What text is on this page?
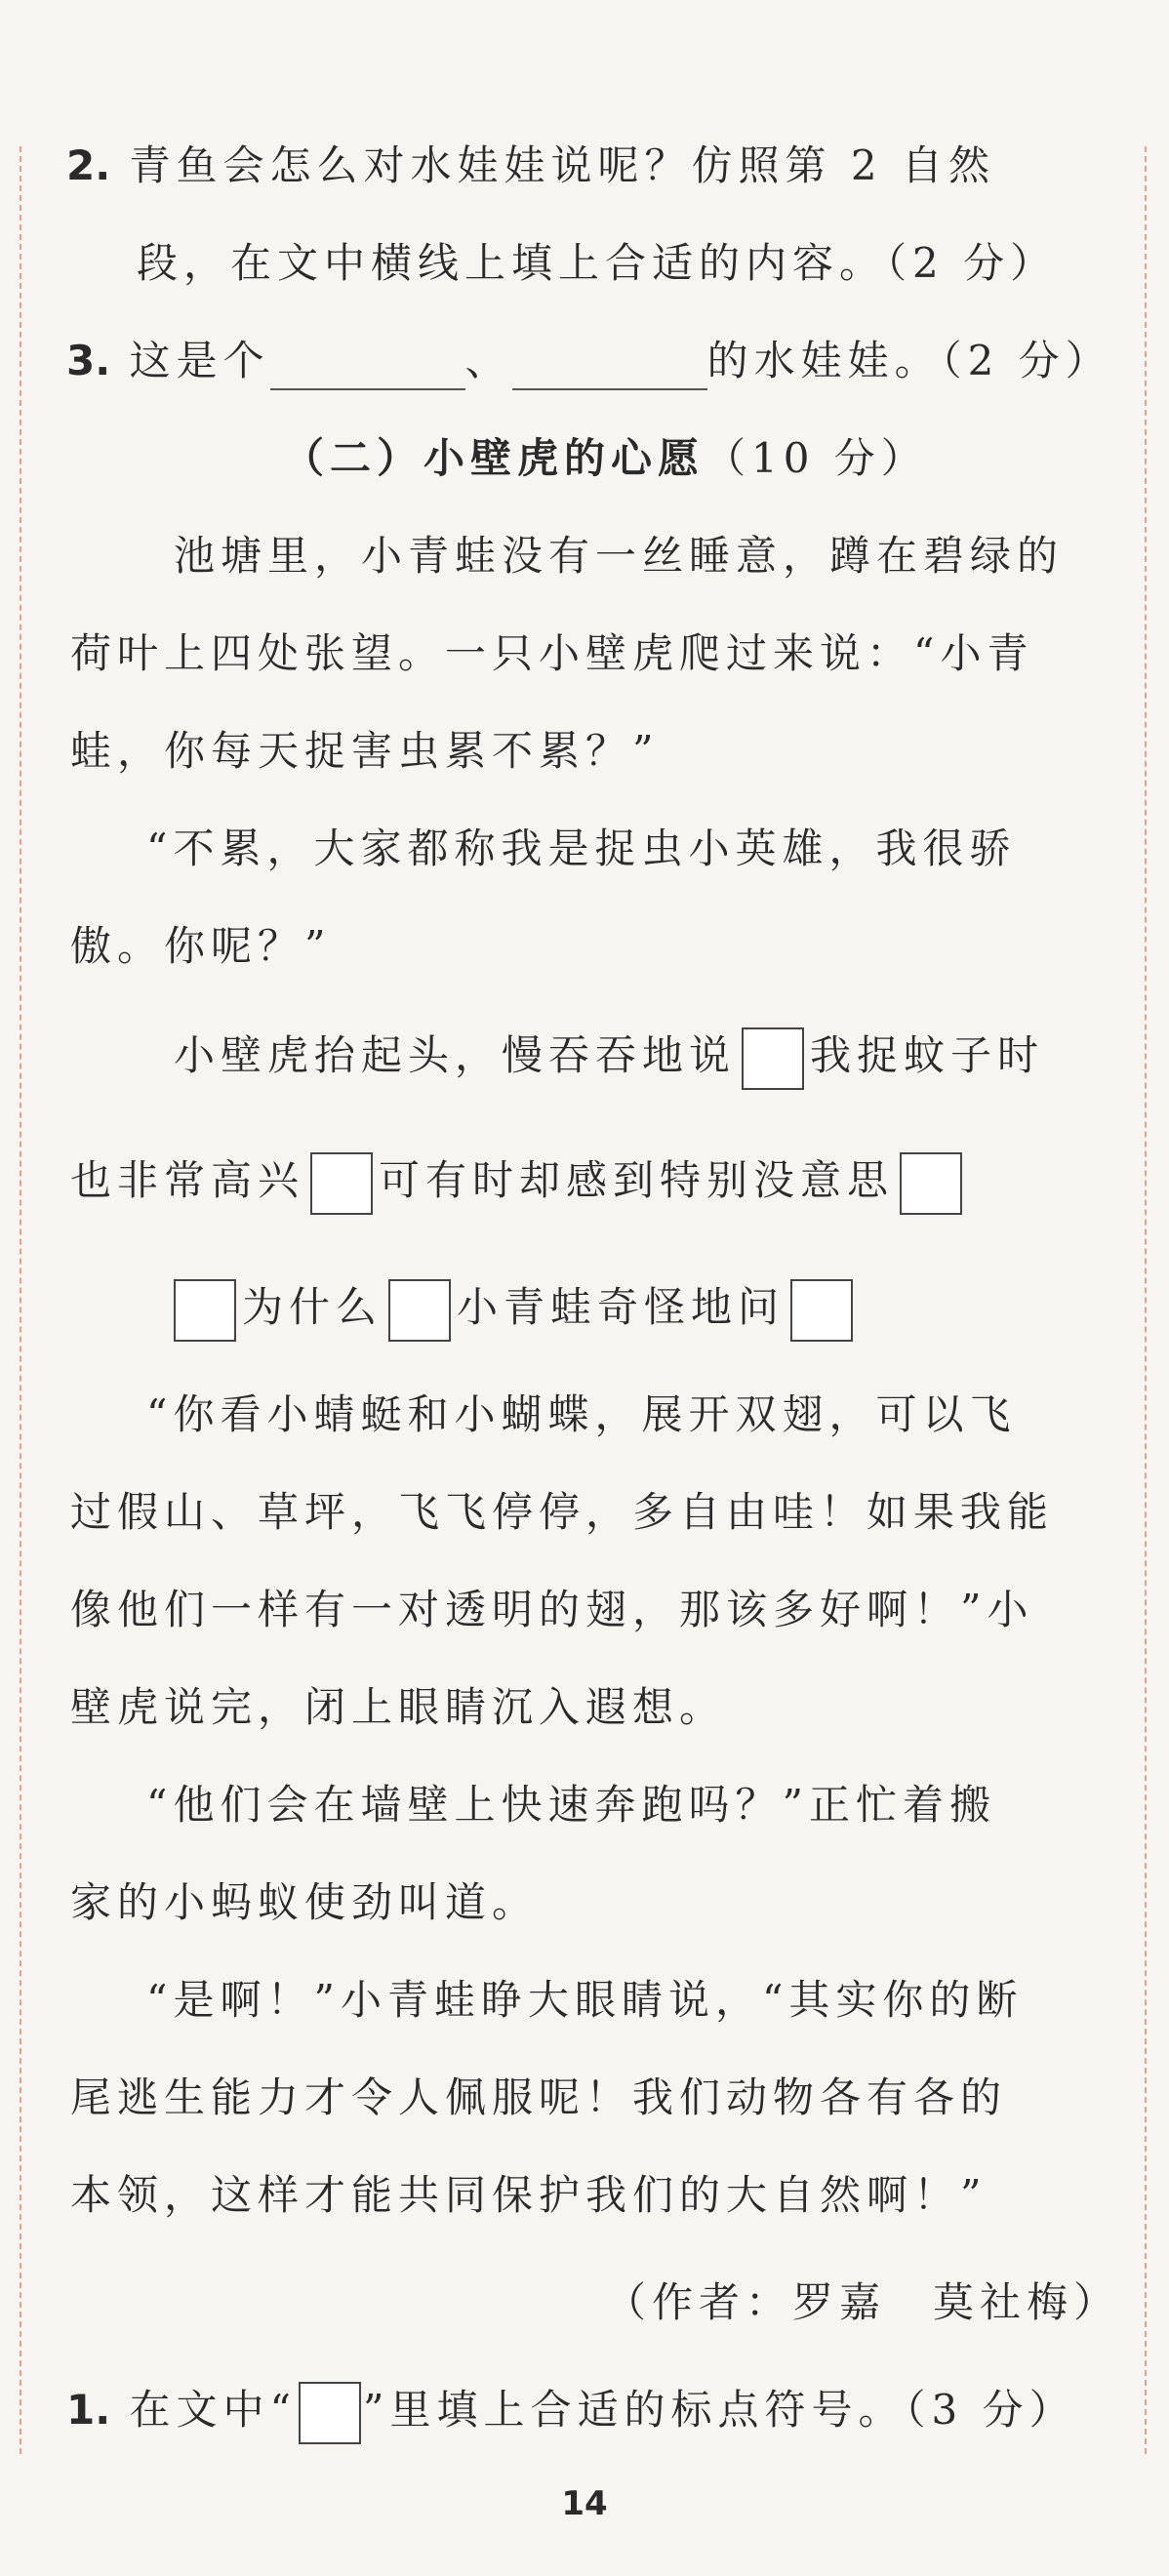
2. 青鱼会怎么对水娃娃说呢？仿照第 2 自然
段，在文中横线上填上合适的内容。（2 分）
3. 这是个	、	的水娃娃。（2 分）
（二）小壁虎的心愿（10 分）
池塘里，小青蛙没有一丝睡意，蹲在碧绿的
荷叶上四处张望。一只小壁虎爬过来说：“小青
蛙，你每天捉害虫累不累？”
“不累，大家都称我是捉虫小英雄，我很骄
傲。你呢？”
小壁虎抬起头，慢吞吞地说 我捉蚊子时
也非常高兴 可有时却感到特别没意思
为什么 小青蛙奇怪地问
“你看小蜻蜓和小蝴蝶，展开双翅，可以飞
过假山、草坪，飞飞停停，多自由哇！如果我能
像他们一样有一对透明的翅，那该多好啊！”小
壁虎说完，闭上眼睛沉入遐想。
“他们会在墙壁上快速奔跑吗？”正忙着搬
家的小蚂蚁使劲叫道。
“是啊！”小青蛙睁大眼睛说，“其实你的断
尾逃生能力才令人佩服呢！我们动物各有各的
本领，这样才能共同保护我们的大自然啊！”
（作者：罗嘉　莫社梅）
1. 在文中“ ”里填上合适的标点符号。（3 分）
14
